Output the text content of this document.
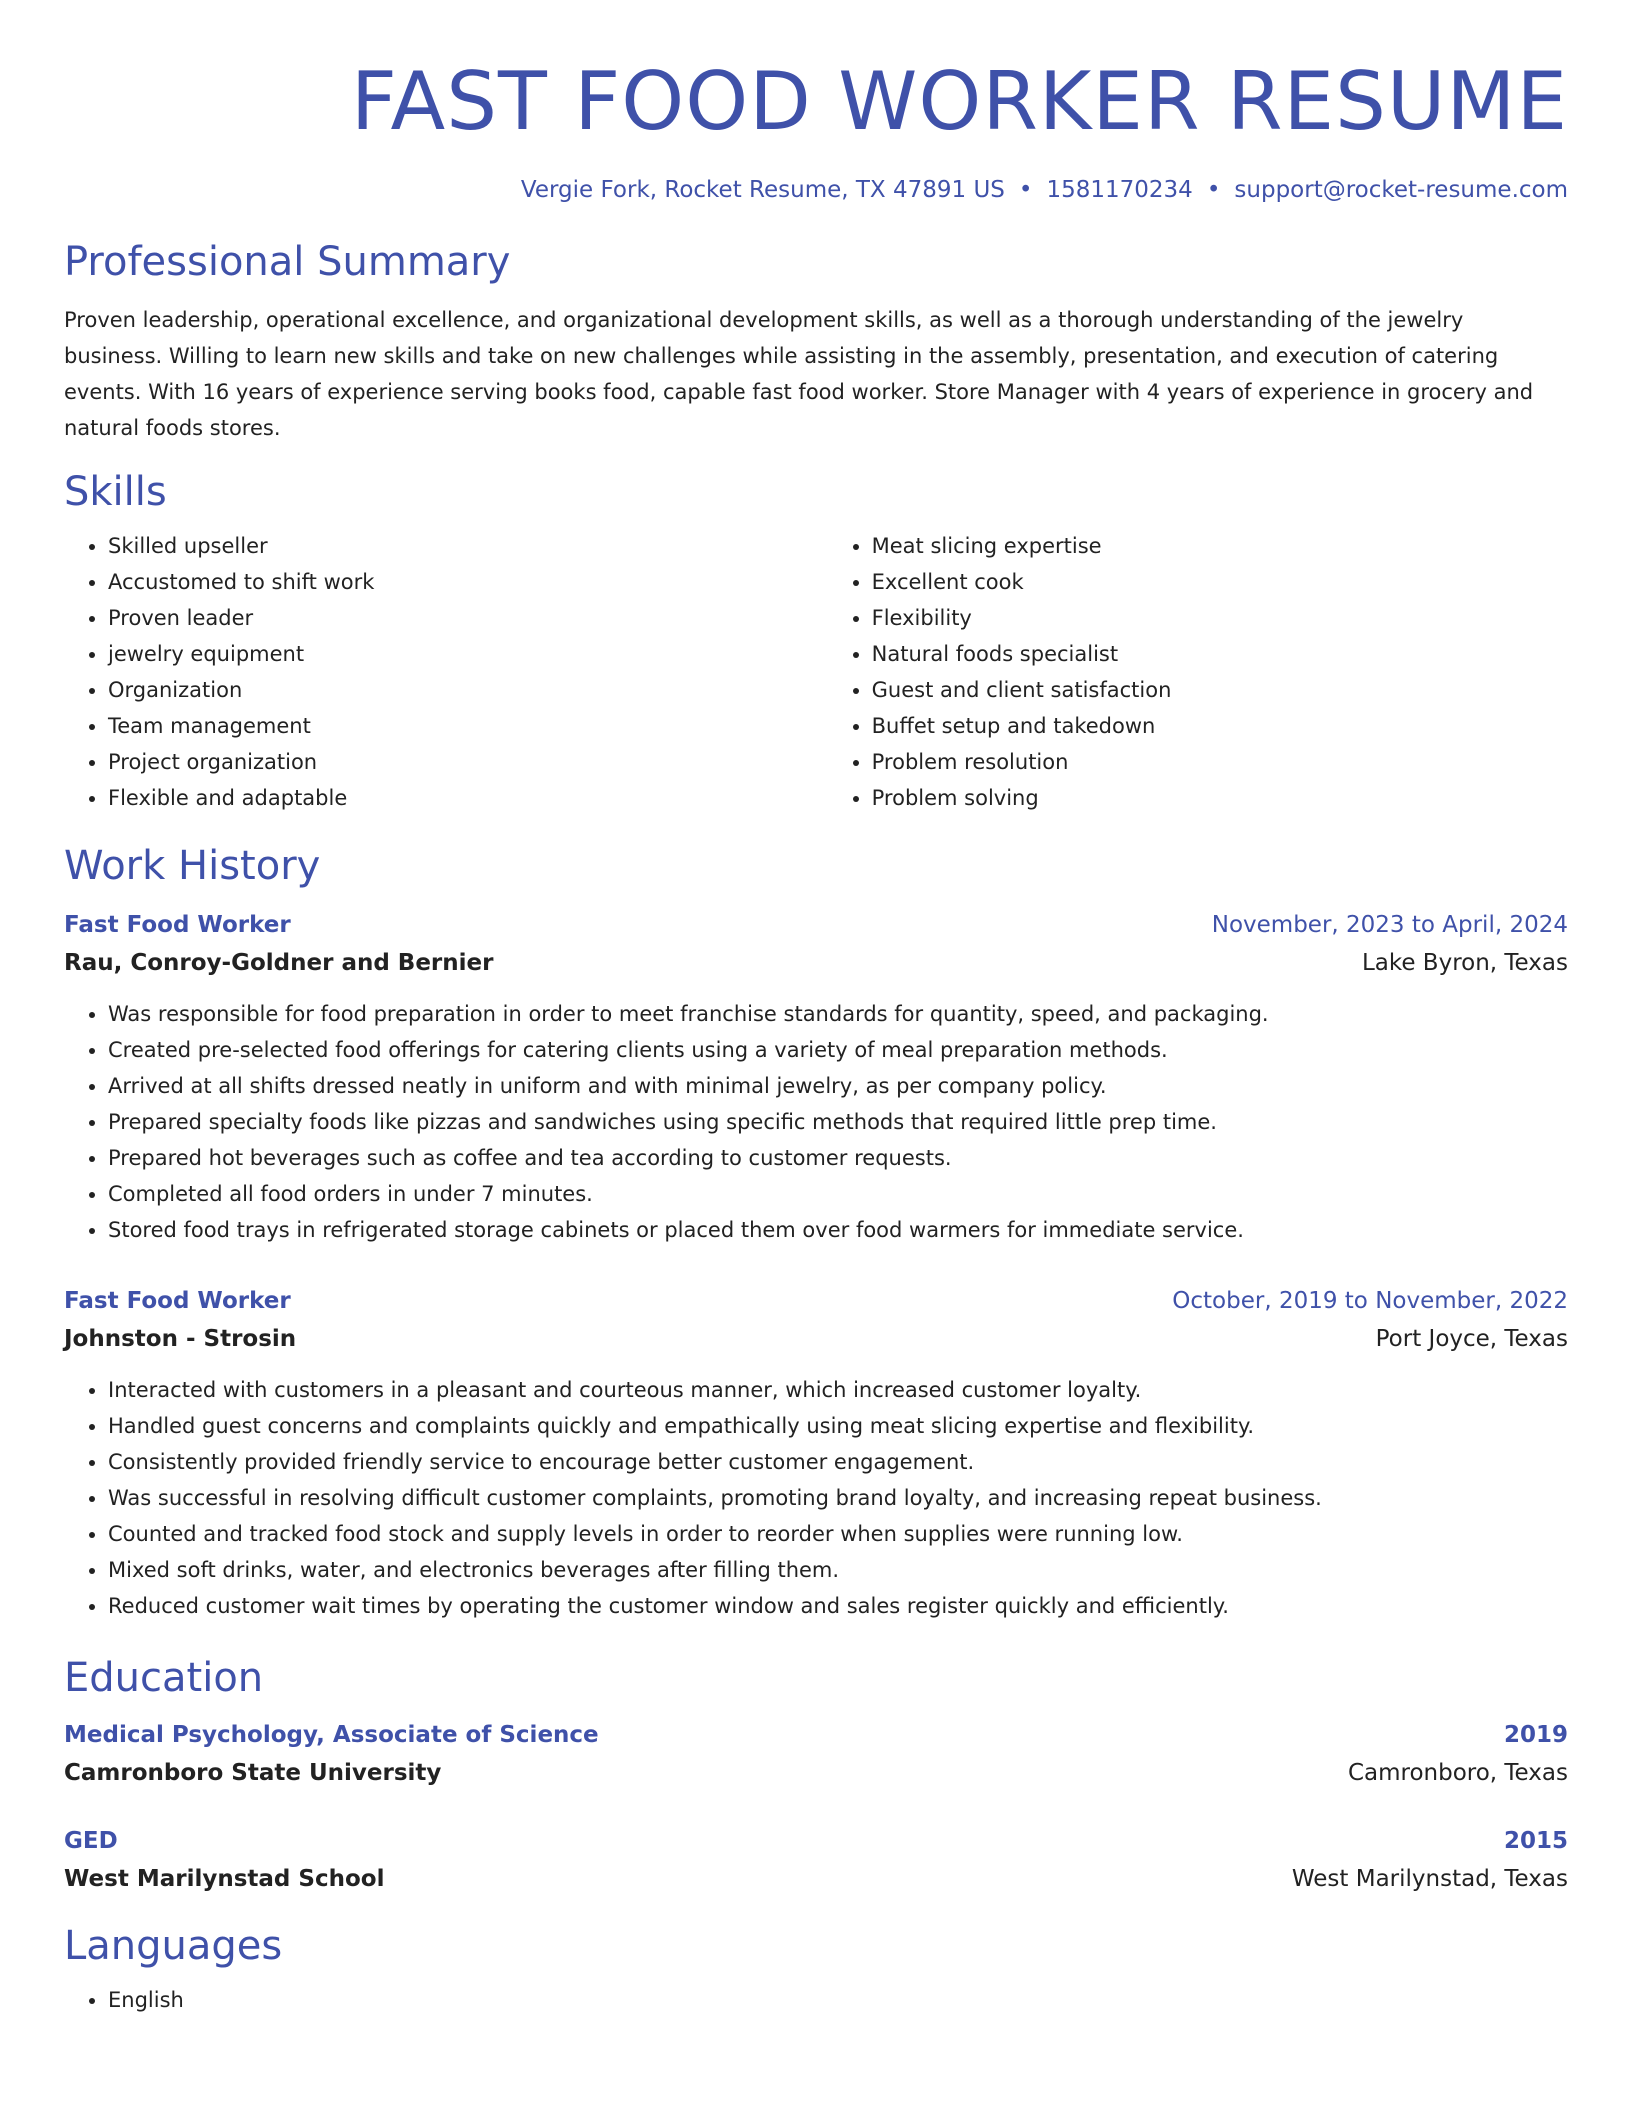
FAST FOOD WORKER RESUME
Vergie Fork, Rocket Resume, TX 47891 US • 1581170234 • support@rocket-resume.com
Professional Summary

Proven leadership, operational excellence, and organizational development skills, as well as a thorough understanding of the jewelry business. Willing to learn new skills and take on new challenges while assisting in the assembly, presentation, and execution of catering events. With 16 years of experience serving books food, capable fast food worker. Store Manager with 4 years of experience in grocery and natural foods stores.

Skills
• Skilled upseller
• Accustomed to shift work
• Proven leader
• jewelry equipment
• Organization
• Team management
• Project organization
• Flexible and adaptable
• Meat slicing expertise
• Excellent cook
• Flexibility
• Natural foods specialist
• Guest and client satisfaction
• Buffet setup and takedown
• Problem resolution
• Problem solving
Work History
Fast Food Worker	November, 2023 to April, 2024
Rau, Conroy-Goldner and Bernier	Lake Byron, Texas
• Was responsible for food preparation in order to meet franchise standards for quantity, speed, and packaging.
• Created pre-selected food offerings for catering clients using a variety of meal preparation methods.
• Arrived at all shifts dressed neatly in uniform and with minimal jewelry, as per company policy.
• Prepared specialty foods like pizzas and sandwiches using specific methods that required little prep time.
• Prepared hot beverages such as coffee and tea according to customer requests.
• Completed all food orders in under 7 minutes.
• Stored food trays in refrigerated storage cabinets or placed them over food warmers for immediate service.
Fast Food Worker	October, 2019 to November, 2022
Johnston - Strosin	Port Joyce, Texas
• Interacted with customers in a pleasant and courteous manner, which increased customer loyalty.
• Handled guest concerns and complaints quickly and empathically using meat slicing expertise and flexibility.
• Consistently provided friendly service to encourage better customer engagement.
• Was successful in resolving difficult customer complaints, promoting brand loyalty, and increasing repeat business.
• Counted and tracked food stock and supply levels in order to reorder when supplies were running low.
• Mixed soft drinks, water, and electronics beverages after filling them.
• Reduced customer wait times by operating the customer window and sales register quickly and efficiently.
Education
Medical Psychology, Associate of Science	2019
Camronboro State University	Camronboro, Texas
GED	2015
West Marilynstad School	West Marilynstad, Texas
Languages
• English
